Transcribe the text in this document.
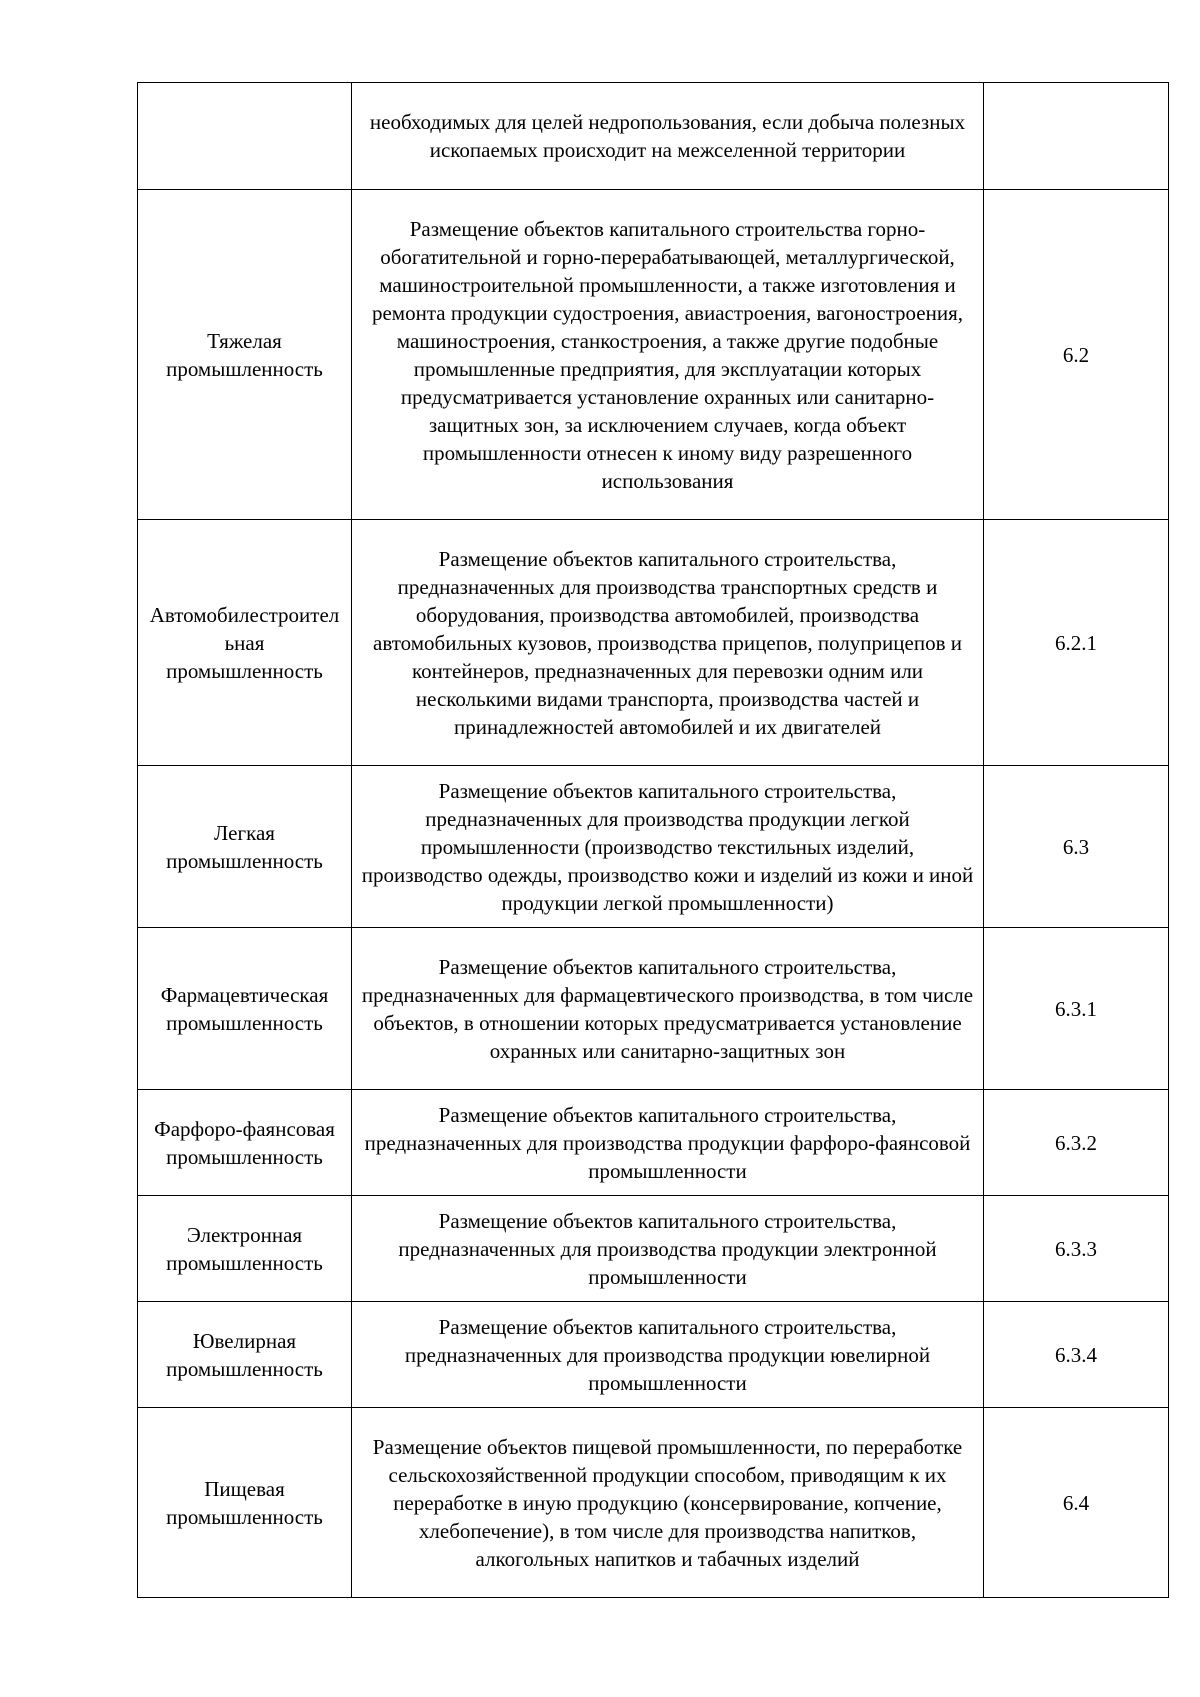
	необходимых для целей недропользования, если добыча полезных ископаемых происходит на межселенной территории	
Тяжелая промышленность	Размещение объектов капитального строительства горно-обогатительной и горно-перерабатывающей, металлургической, машиностроительной промышленности, а также изготовления и ремонта продукции судостроения, авиастроения, вагоностроения, машиностроения, станкостроения, а также другие подобные промышленные предприятия, для эксплуатации которых предусматривается установление охранных или санитарно-защитных зон, за исключением случаев, когда объект промышленности отнесен к иному виду разрешенного использования	6.2
Автомобилестроительная промышленность	Размещение объектов капитального строительства, предназначенных для производства транспортных средств и оборудования, производства автомобилей, производства автомобильных кузовов, производства прицепов, полуприцепов и контейнеров, предназначенных для перевозки одним или несколькими видами транспорта, производства частей и принадлежностей автомобилей и их двигателей	6.2.1
Легкая промышленность	Размещение объектов капитального строительства, предназначенных для производства продукции легкой промышленности (производство текстильных изделий, производство одежды, производство кожи и изделий из кожи и иной продукции легкой промышленности)	6.3
Фармацевтическая промышленность	Размещение объектов капитального строительства, предназначенных для фармацевтического производства, в том числе объектов, в отношении которых предусматривается установление охранных или санитарно-защитных зон	6.3.1
Фарфоро-фаянсовая промышленность	Размещение объектов капитального строительства, предназначенных для производства продукции фарфоро-фаянсовой промышленности	6.3.2
Электронная промышленность	Размещение объектов капитального строительства, предназначенных для производства продукции электронной промышленности	6.3.3
Ювелирная промышленность	Размещение объектов капитального строительства, предназначенных для производства продукции ювелирной промышленности	6.3.4
Пищевая промышленность	Размещение объектов пищевой промышленности, по переработке сельскохозяйственной продукции способом, приводящим к их переработке в иную продукцию (консервирование, копчение, хлебопечение), в том числе для производства напитков, алкогольных напитков и табачных изделий	6.4
